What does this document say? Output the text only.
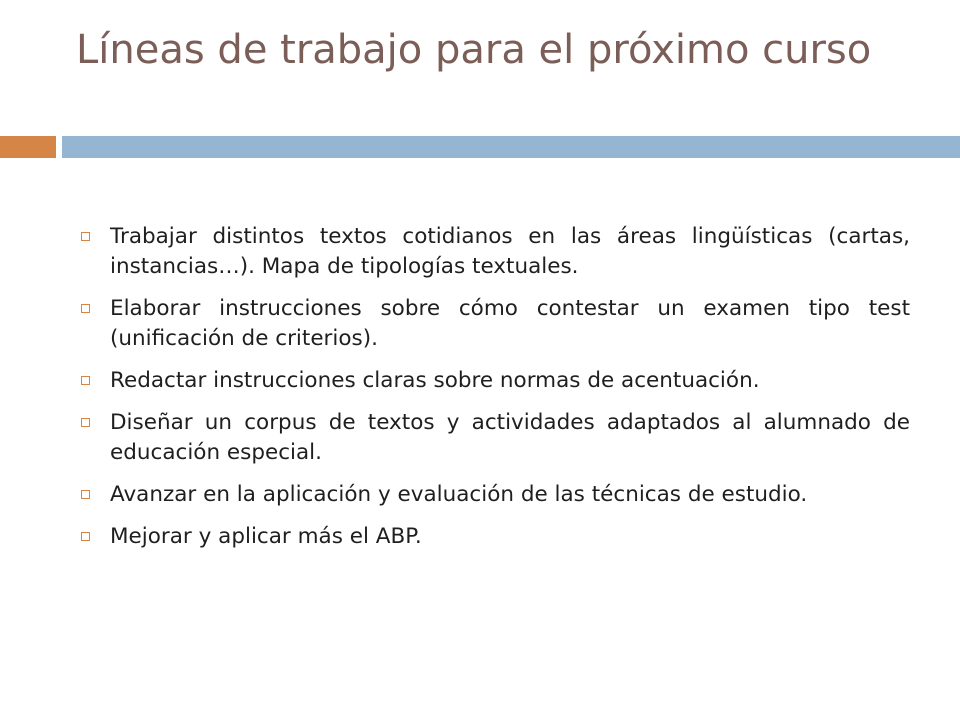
Líneas de trabajo para el próximo curso
Trabajar distintos textos cotidianos en las áreas lingüísticas (cartas, instancias…). Mapa de tipologías textuales.
Elaborar instrucciones sobre cómo contestar un examen tipo test (unificación de criterios).
Redactar instrucciones claras sobre normas de acentuación.
Diseñar un corpus de textos y actividades adaptados al alumnado de educación especial.
Avanzar en la aplicación y evaluación de las técnicas de estudio.
Mejorar y aplicar más el ABP.
